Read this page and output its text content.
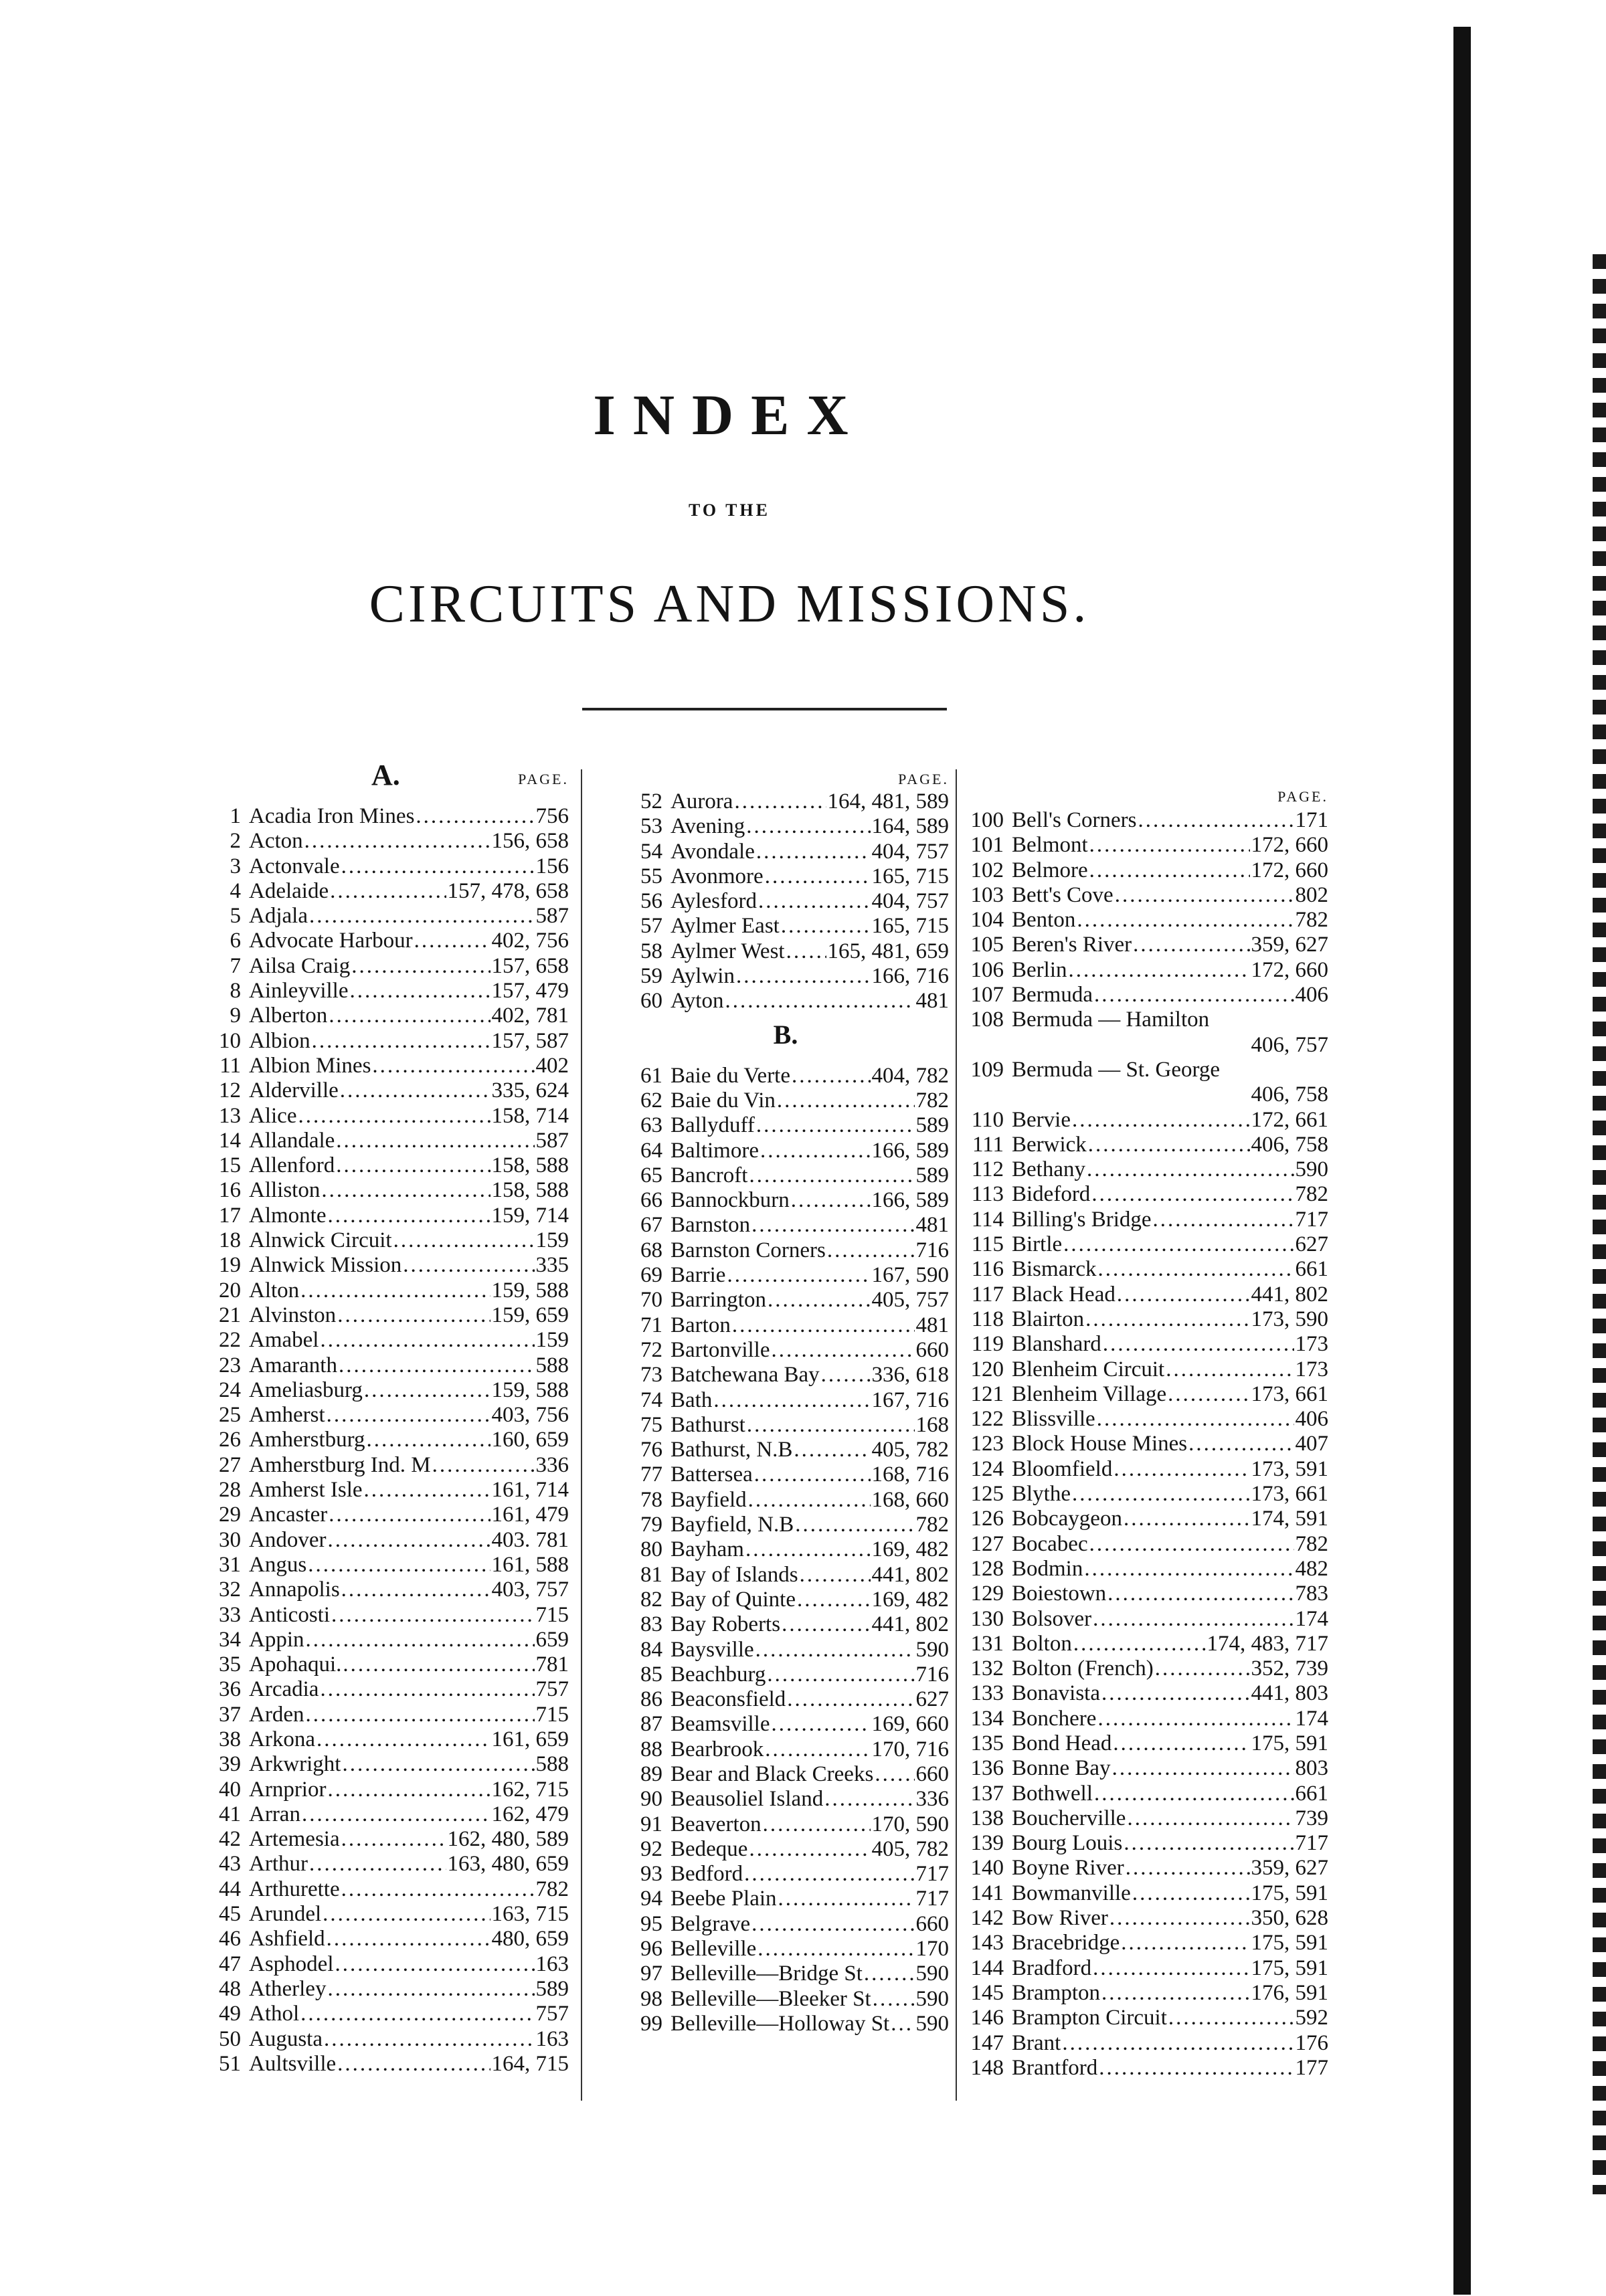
INDEX
TO THE
CIRCUITS AND MISSIONS.
A.	PAGE.
1 Acadia Iron Mines .....	756
2 Acton .....	156, 658
3 Actonvale .....	156
4 Adelaide .....	157, 478, 658
5 Adjala .....	587
6 Advocate Harbour .....	402, 756
7 Ailsa Craig .....	157, 658
8 Ainleyville .....	157, 479
9 Alberton .....	402, 781
10 Albion .....	157, 587
11 Albion Mines .....	402
12 Alderville .....	335, 624
13 Alice .....	158, 714
14 Allandale .....	587
15 Allenford .....	158, 588
16 Alliston .....	158, 588
17 Almonte .....	159, 714
18 Alnwick Circuit .....	159
19 Alnwick Mission .....	335
20 Alton .....	159, 588
21 Alvinston .....	159, 659
22 Amabel .....	159
23 Amaranth .....	588
24 Ameliasburg .....	159, 588
25 Amherst .....	403, 756
26 Amherstburg .....	160, 659
27 Amherstburg Ind. M .....	336
28 Amherst Isle .....	161, 714
29 Ancaster .....	161, 479
30 Andover .....	403. 781
31 Angus .....	161, 588
32 Annapolis .....	403, 757
33 Anticosti .....	715
34 Appin .....	659
35 Apohaqui. .....	781
36 Arcadia .....	757
37 Arden .....	715
38 Arkona .....	161, 659
39 Arkwright .....	588
40 Arnprior .....	162, 715
41 Arran .....	162, 479
42 Artemesia .....	162, 480, 589
43 Arthur .....	163, 480, 659
44 Arthurette .....	782
45 Arundel .....	163, 715
46 Ashfield .....	480, 659
47 Asphodel .....	163
48 Atherley .....	589
49 Athol .....	757
50 Augusta .....	163
51 Aultsville .....	164, 715
PAGE.
52 Aurora .....	164, 481, 589
53 Avening .....	164, 589
54 Avondale .....	404, 757
55 Avonmore .....	165, 715
56 Aylesford .....	404, 757
57 Aylmer East .....	165, 715
58 Aylmer West ..... 165, 481, 659
59 Aylwin .....	166, 716
60 Ayton .....	481
B.
61 Baie du Verte .....	404, 782
62 Baie du Vin .....	782
63 Ballyduff .....	589
64 Baltimore .....	166, 589
65 Bancroft .....	589
66 Bannockburn .....	166, 589
67 Barnston .....	481
68 Barnston Corners .....	716
69 Barrie .....	167, 590
70 Barrington .....	405, 757
71 Barton .....	481
72 Bartonville .....	660
73 Batchewana Bay ..... 336, 618
74 Bath .....	167, 716
75 Bathurst .....	168
76 Bathurst, N.B .....	405, 782
77 Battersea .....	168, 716
78 Bayfield .....	168, 660
79 Bayfield, N.B .....	782
80 Bayham .....	169, 482
81 Bay of Islands .....	441, 802
82 Bay of Quinte .....	169, 482
83 Bay Roberts .....	441, 802
84 Baysville .....	590
85 Beachburg .....	716
86 Beaconsfield .....	627
87 Beamsville .....	169, 660
88 Bearbrook .....	170, 716
89 Bear and Black Creeks ..... 660
90 Beausoliel Island .....	336
91 Beaverton .....	170, 590
92 Bedeque .....	405, 782
93 Bedford .....	717
94 Beebe Plain .....	717
95 Belgrave .....	660
96 Belleville .....	170
97 Belleville—Bridge St ..... 590
98 Belleville—Bleeker St ..... 590
99 Belleville—Holloway St ..... 590
PAGE.
100 Bell's Corners .....	171
101 Belmont .....	172, 660
102 Belmore .....	172, 660
103 Bett's Cove .....	802
104 Benton .....	782
105 Beren's River .....	359, 627
106 Berlin .....	172, 660
107 Bermuda .....	406
108 Bermuda — Hamilton
406, 757
109 Bermuda — St. George
406, 758
110 Bervie .....	172, 661
111 Berwick .....	406, 758
112 Bethany .....	590
113 Bideford .....	782
114 Billing's Bridge .....	717
115 Birtle .....	627
116 Bismarck .....	661
117 Black Head .....	441, 802
118 Blairton .....	173, 590
119 Blanshard .....	173
120 Blenheim Circuit .....	173
121 Blenheim Village .....	173, 661
122 Blissville .....	406
123 Block House Mines .....	407
124 Bloomfield .....	173, 591
125 Blythe .....	173, 661
126 Bobcaygeon .....	174, 591
127 Bocabec .....	782
128 Bodmin .....	482
129 Boiestown .....	783
130 Bolsover .....	174
131 Bolton .....	174, 483, 717
132 Bolton (French) .....	352, 739
133 Bonavista .....	441, 803
134 Bonchere .....	174
135 Bond Head .....	175, 591
136 Bonne Bay .....	803
137 Bothwell .....	661
138 Boucherville .....	739
139 Bourg Louis .....	717
140 Boyne River .....	359, 627
141 Bowmanville .....	175, 591
142 Bow River .....	350, 628
143 Bracebridge .....	175, 591
144 Bradford .....	175, 591
145 Brampton .....	176, 591
146 Brampton Circuit .....	592
147 Brant .....	176
148 Brantford .....	177
